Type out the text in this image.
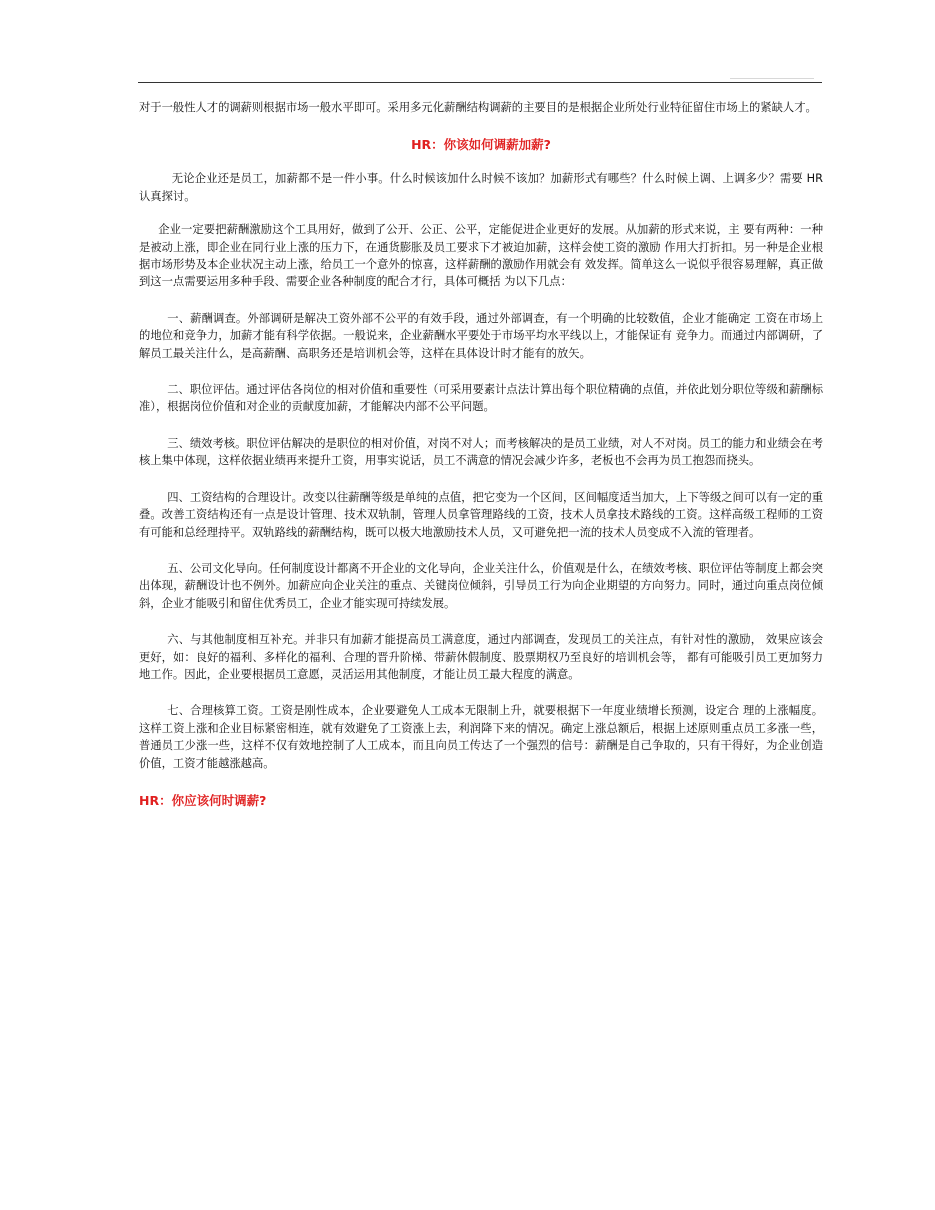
对于一般性人才的调薪则根据市场一般水平即可。采用多元化薪酬结构调薪的主要目的是根据企业所处行业特征留住市场上的紧缺人才。

HR：你该如何调薪加薪?

无论企业还是员工，加薪都不是一件小事。什么时候该加什么时候不该加？加薪形式有哪些？什么时候上调、上调多少？需要 HR 认真探讨。

企业一定要把薪酬激励这个工具用好，做到了公开、公正、公平，定能促进企业更好的发展。从加薪的形式来说，主 要有两种：一种是被动上涨，即企业在同行业上涨的压力下，在通货膨胀及员工要求下才被迫加薪，这样会使工资的激励 作用大打折扣。另一种是企业根据市场形势及本企业状况主动上涨，给员工一个意外的惊喜，这样薪酬的激励作用就会有 效发挥。简单这么一说似乎很容易理解，真正做到这一点需要运用多种手段、需要企业各种制度的配合才行，具体可概括 为以下几点：

一、薪酬调查。外部调研是解决工资外部不公平的有效手段，通过外部调查，有一个明确的比较数值，企业才能确定 工资在市场上的地位和竞争力，加薪才能有科学依据。一般说来，企业薪酬水平要处于市场平均水平线以上，才能保证有 竞争力。而通过内部调研，了解员工最关注什么，是高薪酬、高职务还是培训机会等，这样在具体设计时才能有的放矢。

二、职位评估。通过评估各岗位的相对价值和重要性（可采用要素计点法计算出每个职位精确的点值，并依此划分职位等级和薪酬标准），根据岗位价值和对企业的贡献度加薪，才能解决内部不公平问题。

三、绩效考核。职位评估解决的是职位的相对价值，对岗不对人；而考核解决的是员工业绩，对人不对岗。员工的能力和业绩会在考核上集中体现，这样依据业绩再来提升工资，用事实说话，员工不满意的情况会减少许多，老板也不会再为员工抱怨而挠头。

四、工资结构的合理设计。改变以往薪酬等级是单纯的点值，把它变为一个区间，区间幅度适当加大，上下等级之间可以有一定的重叠。改善工资结构还有一点是设计管理、技术双轨制，管理人员拿管理路线的工资，技术人员拿技术路线的工资。这样高级工程师的工资有可能和总经理持平。双轨路线的薪酬结构，既可以极大地激励技术人员，又可避免把一流的技术人员变成不入流的管理者。

五、公司文化导向。任何制度设计都离不开企业的文化导向，企业关注什么，价值观是什么，在绩效考核、职位评估等制度上都会突出体现，薪酬设计也不例外。加薪应向企业关注的重点、关键岗位倾斜，引导员工行为向企业期望的方向努力。同时，通过向重点岗位倾斜，企业才能吸引和留住优秀员工，企业才能实现可持续发展。

六、与其他制度相互补充。并非只有加薪才能提高员工满意度，通过内部调查，发现员工的关注点，有针对性的激励， 效果应该会更好，如：良好的福利、多样化的福利、合理的晋升阶梯、带薪休假制度、股票期权乃至良好的培训机会等， 都有可能吸引员工更加努力地工作。因此，企业要根据员工意愿，灵活运用其他制度，才能让员工最大程度的满意。

七、合理核算工资。工资是刚性成本，企业要避免人工成本无限制上升，就要根据下一年度业绩增长预测，设定合 理的上涨幅度。这样工资上涨和企业目标紧密相连，就有效避免了工资涨上去，利润降下来的情况。确定上涨总额后，根据上述原则重点员工多涨一些，普通员工少涨一些，这样不仅有效地控制了人工成本，而且向员工传达了一个强烈的信号：薪酬是自己争取的，只有干得好，为企业创造价值，工资才能越涨越高。

HR：你应该何时调薪?
